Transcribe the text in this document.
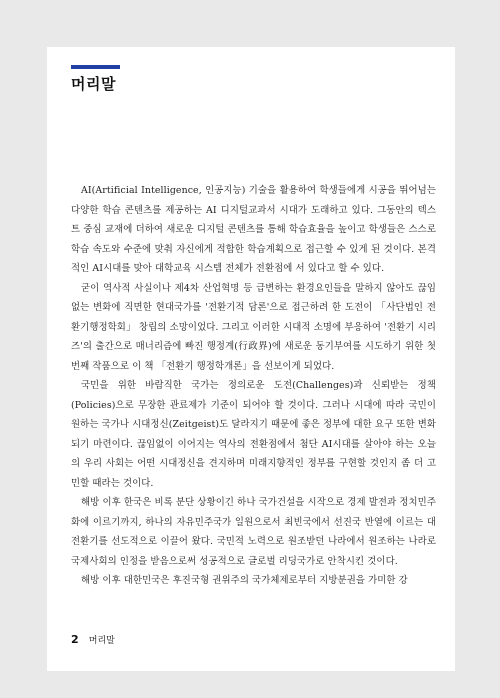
머리말

AI(Artificial Intelligence, 인공지능) 기술을 활용하여 학생들에게 시공을 뛰어넘는 다양한 학습 콘텐츠를 제공하는 AI 디지털교과서 시대가 도래하고 있다. 그동안의 텍스트 중심 교재에 더하여 새로운 디지털 콘텐츠를 통해 학습효율을 높이고 학생들은 스스로 학습 속도와 수준에 맞춰 자신에게 적합한 학습계획으로 접근할 수 있게 된 것이다. 본격적인 AI시대를 맞아 대학교육 시스템 전체가 전환점에 서 있다고 할 수 있다.

굳이 역사적 사실이나 제4차 산업혁명 등 급변하는 환경요인들을 말하지 않아도 끊임없는 변화에 직면한 현대국가를 '전환기적 담론'으로 접근하려 한 도전이 「사단법인 전환기행정학회」 창립의 소망이었다. 그리고 이러한 시대적 소명에 부응하여 '전환기 시리즈'의 출간으로 매너리즘에 빠진 행정계(行政界)에 새로운 동기부여를 시도하기 위한 첫 번째 작품으로 이 책 「전환기 행정학개론」을 선보이게 되었다.

국민을 위한 바람직한 국가는 정의로운 도전(Challenges)과 신뢰받는 정책(Policies)으로 무장한 관료제가 기준이 되어야 할 것이다. 그러나 시대에 따라 국민이 원하는 국가나 시대정신(Zeitgeist)도 달라지기 때문에 좋은 정부에 대한 요구 또한 변화되기 마련이다. 끊임없이 이어지는 역사의 전환점에서 첨단 AI시대를 살아야 하는 오늘의 우리 사회는 어떤 시대정신을 견지하며 미래지향적인 정부를 구현할 것인지 좀 더 고민할 때라는 것이다.

해방 이후 한국은 비록 분단 상황이긴 하나 국가건설을 시작으로 경제 발전과 정치민주화에 이르기까지, 하나의 자유민주국가 일원으로서 최빈국에서 선진국 반열에 이르는 대전환기를 선도적으로 이끌어 왔다. 국민적 노력으로 원조받던 나라에서 원조하는 나라로 국제사회의 인정을 받음으로써 성공적으로 글로벌 리딩국가로 안착시킨 것이다.

해방 이후 대한민국은 후진국형 권위주의 국가체제로부터 지방분권을 가미한 강

2 머리말
